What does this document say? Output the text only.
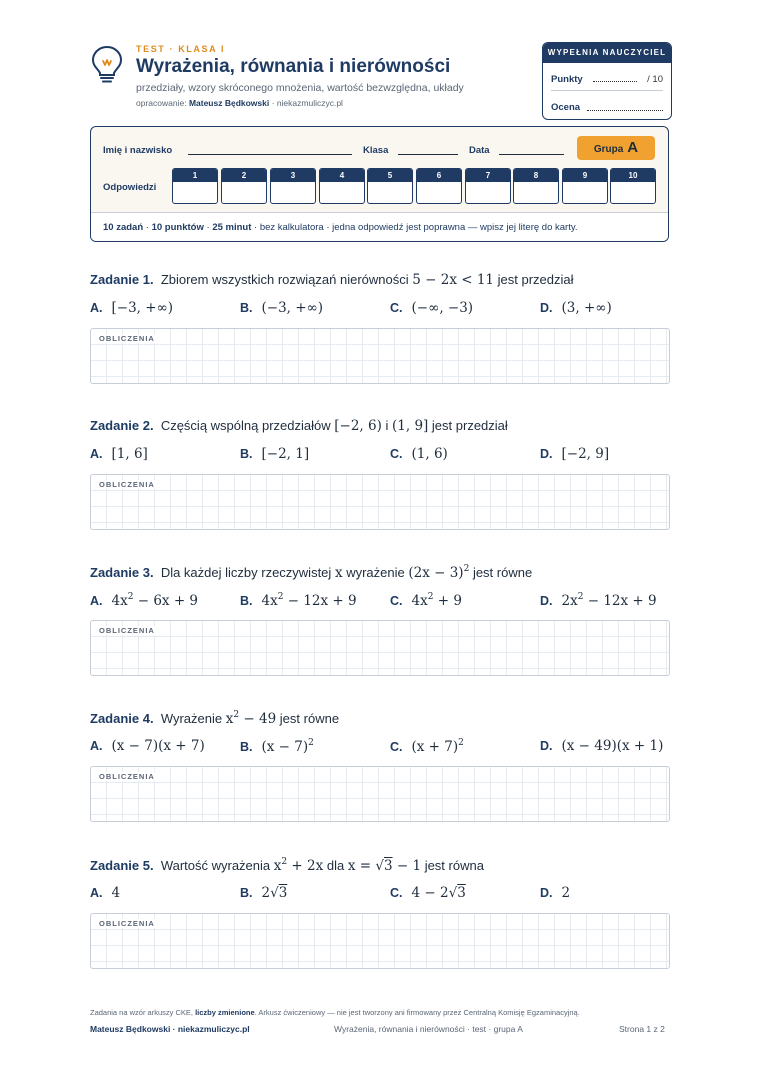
TEST · KLASA I
Wyrażenia, równania i nierówności
przedziały, wzory skróconego mnożenia, wartość bezwzględna, układy
opracowanie: Mateusz Będkowski · niekazmuliczyc.pl
WYPEŁNIA NAUCZYCIEL
Punkty	/ 10
Ocena
Imię i nazwisko	Klasa	Data	Grupa A
Odpowiedzi
1	2	3	4	5	6	7	8	9	10
10 zadań · 10 punktów · 25 minut · bez kalkulatora · jedna odpowiedź jest poprawna — wpisz jej literę do karty.
Zadanie 1. Zbiorem wszystkich rozwiązań nierówności 5 − 2x < 11 jest przedział
A. [−3, +∞)	B. (−3, +∞)	C. (−∞, −3)	D. (3, +∞)
OBLICZENIA
Zadanie 2. Częścią wspólną przedziałów [−2, 6) i (1, 9] jest przedział
A. [1, 6]	B. [−2, 1]	C. (1, 6)	D. [−2, 9]
OBLICZENIA
Zadanie 3. Dla każdej liczby rzeczywistej x wyrażenie $(2x - 3)^2$ jest równe
A. $4x^2 - 6x + 9$	B. $4x^2 - 12x + 9$	C. $4x^2 + 9$	D. $2x^2 - 12x + 9$
OBLICZENIA
Zadanie 4. Wyrażenie $x^2 - 49$ jest równe
A. (x − 7)(x + 7)	B. $(x - 7)^2$	C. $(x + 7)^2$	D. (x − 49)(x + 1)
OBLICZENIA
Zadanie 5. Wartość wyrażenia $x^2 + 2x$ dla x = √3 − 1 jest równa
A. 4	B. 2√3	C. 4 − 2√3	D. 2
OBLICZENIA
Zadania na wzór arkuszy CKE, liczby zmienione. Arkusz ćwiczeniowy — nie jest tworzony ani firmowany przez Centralną Komisję Egzaminacyjną.
Mateusz Będkowski · niekazmuliczyc.pl	Wyrażenia, równania i nierówności · test · grupa A	Strona 1 z 2
